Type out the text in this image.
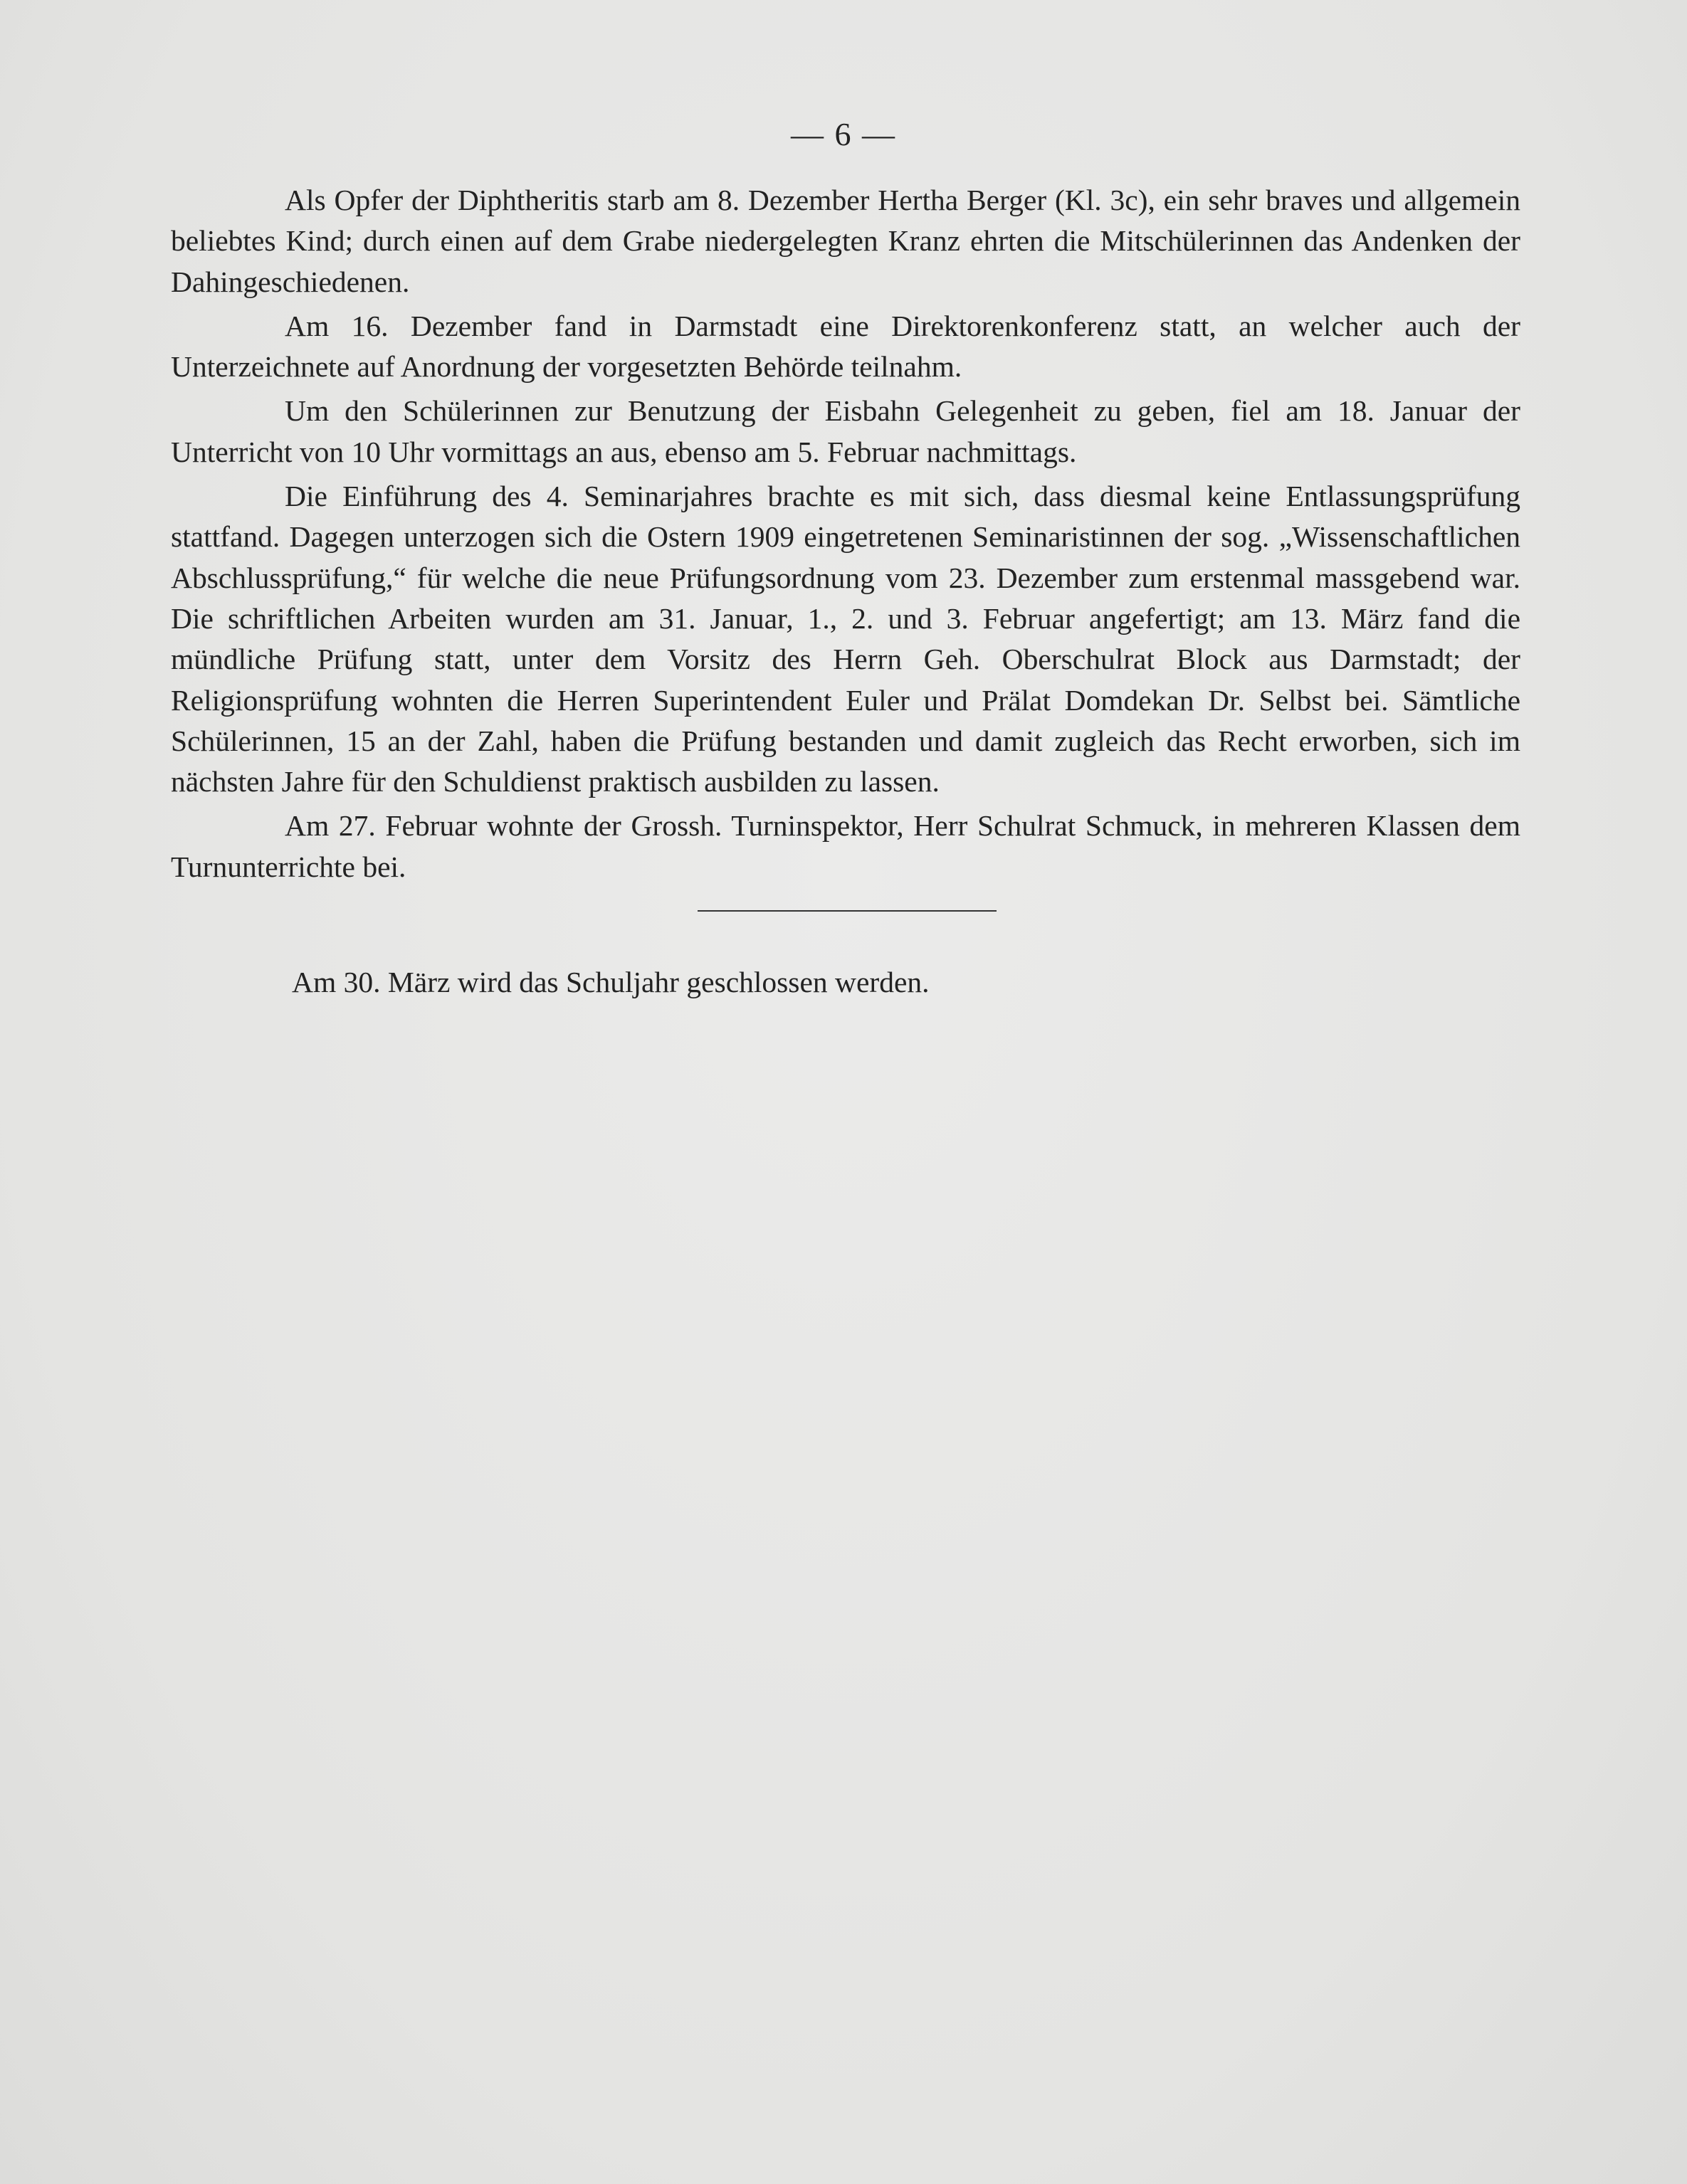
— 6 —

Als Opfer der Diphtheritis starb am 8. Dezember Hertha Berger (Kl. 3c), ein sehr braves und allgemein beliebtes Kind; durch einen auf dem Grabe niedergelegten Kranz ehrten die Mitschülerinnen das Andenken der Dahingeschiedenen.

Am 16. Dezember fand in Darmstadt eine Direktorenkonferenz statt, an welcher auch der Unterzeichnete auf Anordnung der vorgesetzten Behörde teilnahm.

Um den Schülerinnen zur Benutzung der Eisbahn Gelegenheit zu geben, fiel am 18. Januar der Unterricht von 10 Uhr vormittags an aus, ebenso am 5. Februar nachmittags.

Die Einführung des 4. Seminarjahres brachte es mit sich, dass diesmal keine Entlassungsprüfung stattfand. Dagegen unterzogen sich die Ostern 1909 eingetretenen Seminaristinnen der sog. „Wissenschaftlichen Abschlussprüfung,“ für welche die neue Prüfungsordnung vom 23. Dezember zum erstenmal massgebend war. Die schriftlichen Arbeiten wurden am 31. Januar, 1., 2. und 3. Februar angefertigt; am 13. März fand die mündliche Prüfung statt, unter dem Vorsitz des Herrn Geh. Oberschulrat Block aus Darmstadt; der Religionsprüfung wohnten die Herren Superintendent Euler und Prälat Domdekan Dr. Selbst bei. Sämtliche Schülerinnen, 15 an der Zahl, haben die Prüfung bestanden und damit zugleich das Recht erworben, sich im nächsten Jahre für den Schuldienst praktisch ausbilden zu lassen.

Am 27. Februar wohnte der Grossh. Turninspektor, Herr Schulrat Schmuck, in mehreren Klassen dem Turnunterrichte bei.

Am 30. März wird das Schuljahr geschlossen werden.
